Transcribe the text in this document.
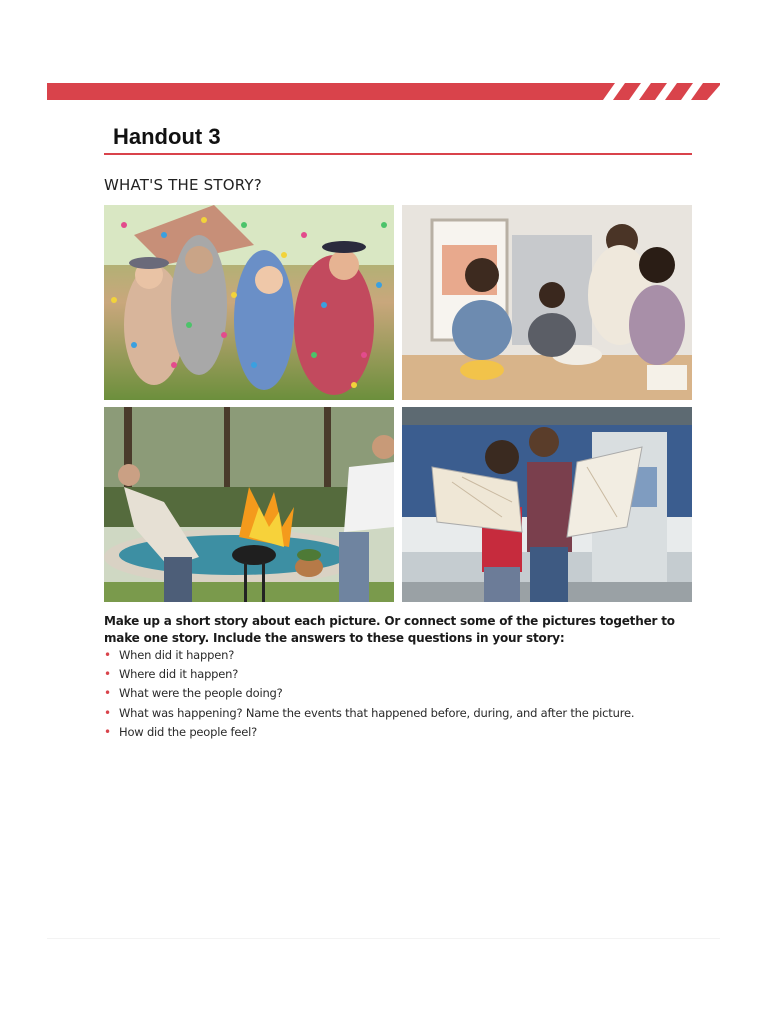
Handout 3
WHAT'S THE STORY?
Make up a short story about each picture. Or connect some of the pictures together to make one story. Include the answers to these questions in your story:
• When did it happen?
• Where did it happen?
• What were the people doing?
• What was happening? Name the events that happened before, during, and after the picture.
• How did the people feel?
